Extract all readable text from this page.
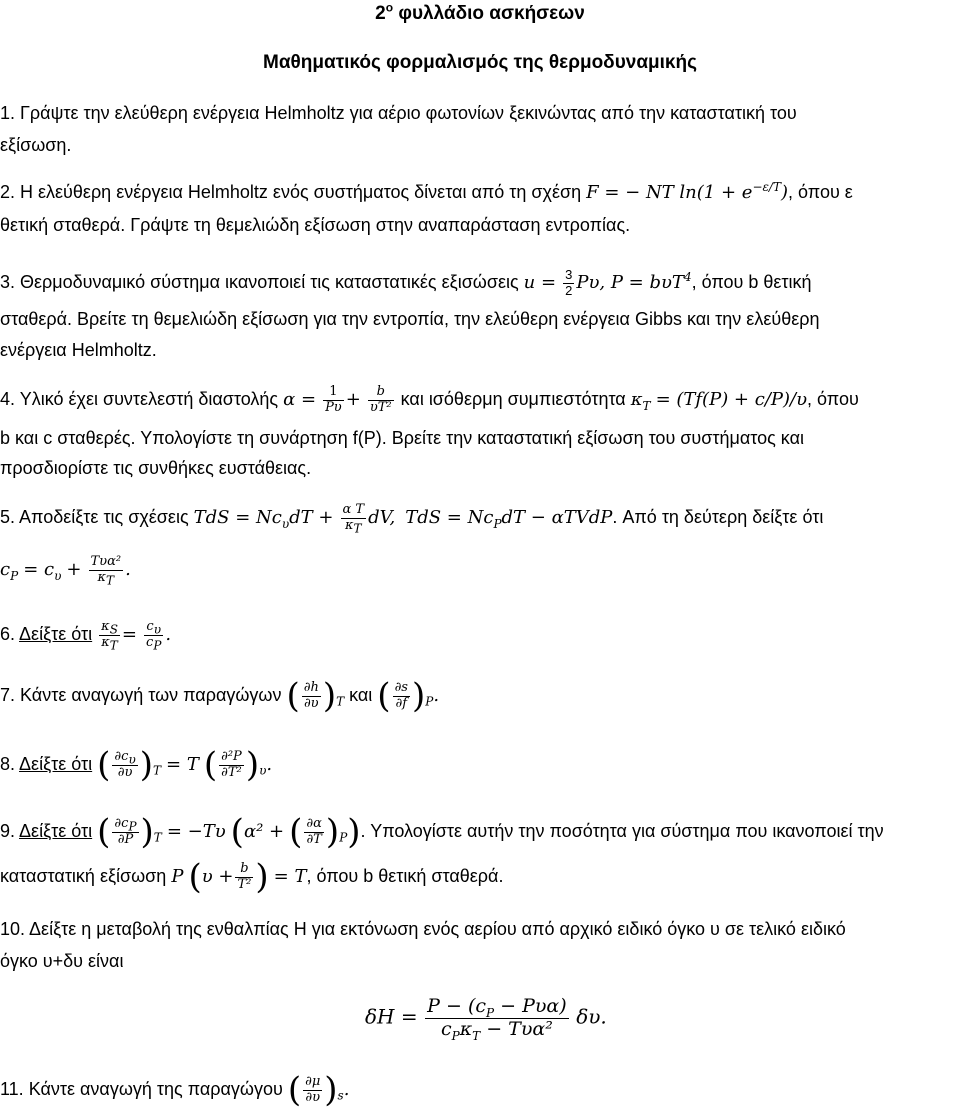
$2^o$ φυλλάδιο ασκήσεων
Μαθηματικός φορμαλισμός της θερμοδυναμικής
1. Γράψτε την ελεύθερη ενέργεια Helmholtz για αέριο φωτονίων ξεκινώντας από την καταστατική του
εξίσωση.
2. Η ελεύθερη ενέργεια Helmholtz ενός συστήματος δίνεται από τη σχέση F = − NT $\ln(1 + e^{-\varepsilon/T})$, όπου ε
θετική σταθερά. Γράψτε τη θεμελιώδη εξίσωση στην αναπαράσταση εντροπίας.
3. Θερμοδυναμικό σύστημα ικανοποιεί τις καταστατικές εξισώσεις $u = \frac{3}{2} P\upsilon$, P = bυT$^4$, όπου b θετική
σταθερά. Βρείτε τη θεμελιώδη εξίσωση για την εντροπία, την ελεύθερη ενέργεια Gibbs και την ελεύθερη
ενέργεια Helmholtz.
4. Υλικό έχει συντελεστή διαστολής $\alpha = \frac{1}{P\upsilon} + \frac{b}{\text{υT²}}$ και ισόθερμη συμπιεστότητα $\kappa_T = (Tf(P) + c/P)/\upsilon$, όπου
b και c σταθερές. Υπολογίστε τη συνάρτηση f(P). Βρείτε την καταστατική εξίσωση του συστήματος και
προσδιορίστε τις συνθήκες ευστάθειας.
5. Αποδείξτε τις σχέσεις TdS = $Nc_\upsilon dT + \frac{\text{α T}}{\kappa_T}$ dV, TdS = $Nc_PdT$ − αTVdP. Από τη δεύτερη δείξτε ότι
$c_P = c_\upsilon + \frac{\text{Tυα²}}{\kappa_T}$ .
6. Δείξτε ότι $\frac{\kappa_S}{\kappa_T} = \frac{c_\upsilon}{c_P}$ .
7. Κάντε αναγωγή των παραγώγων ( $\frac{\partial h}{\partial\upsilon} )_T$ και ( $\frac{\partial s}{\partial f} )_P$.
8. Δείξτε ότι ( $\frac{\partial c_\upsilon}{\partial\upsilon} )_T = T$ ( $\frac{\text{∂²P}}{\text{∂T²}} )_\upsilon$.
9. Δείξτε ότι ( $\frac{\partial c_P}{\partial P} )_T = -T\upsilon$ (α² + ( $\frac{\partial\alpha}{\partial T} )_P$). Υπολογίστε αυτήν την ποσότητα για σύστημα που ικανοποιεί την
καταστατική εξίσωση P ($\upsilon + \frac{b}{\text{T²}}$ ) = T, όπου b θετική σταθερά.
10. Δείξτε η μεταβολή της ενθαλπίας H για εκτόνωση ενός αερίου από αρχικό ειδικό όγκο υ σε τελικό ειδικό
όγκο υ+δυ είναι
$\delta H = \frac{P - (c_P - P\upsilon\alpha)}{c_P\kappa_T - T\upsilon\alpha^2} \delta\upsilon$.
11. Κάντε αναγωγή της παραγώγου ( $\frac{\partial\mu}{\partial\upsilon} )_s$.
